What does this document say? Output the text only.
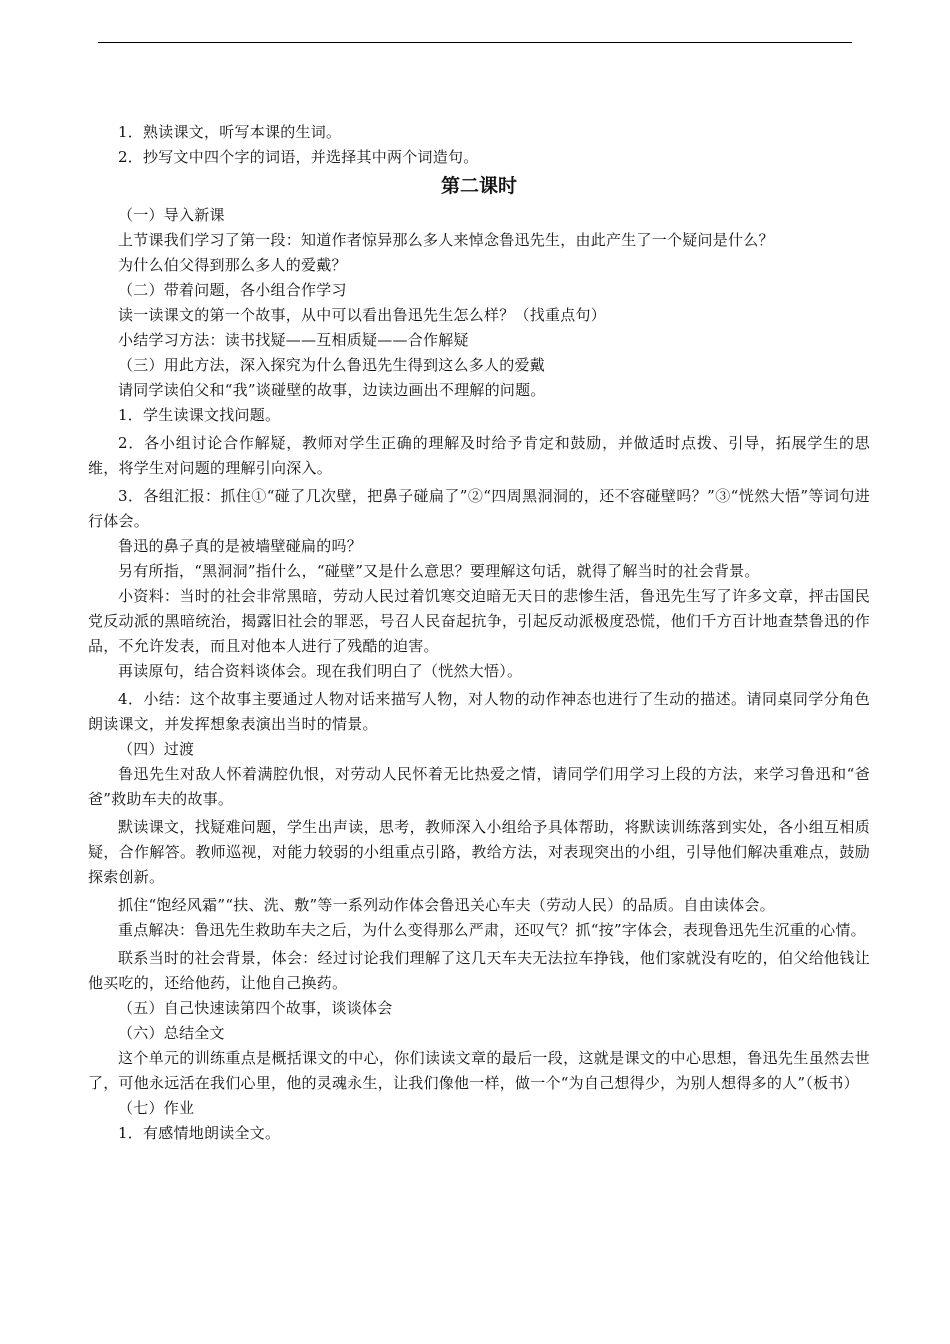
1．熟读课文，听写本课的生词。

2．抄写文中四个字的词语，并选择其中两个词造句。

第二课时

（一）导入新课

上节课我们学习了第一段：知道作者惊异那么多人来悼念鲁迅先生，由此产生了一个疑问是什么？

为什么伯父得到那么多人的爱戴？

（二）带着问题，各小组合作学习

读一读课文的第一个故事，从中可以看出鲁迅先生怎么样？（找重点句）

小结学习方法：读书找疑——互相质疑——合作解疑

（三）用此方法，深入探究为什么鲁迅先生得到这么多人的爱戴

请同学读伯父和“我”谈碰壁的故事，边读边画出不理解的问题。

1．学生读课文找问题。

2．各小组讨论合作解疑，教师对学生正确的理解及时给予肯定和鼓励，并做适时点拨、引导，拓展学生的思维，将学生对问题的理解引向深入。

3．各组汇报：抓住①“碰了几次壁，把鼻子碰扁了”②“四周黑洞洞的，还不容碰壁吗？”③“恍然大悟”等词句进行体会。

鲁迅的鼻子真的是被墙壁碰扁的吗？

另有所指，“黑洞洞”指什么，“碰壁”又是什么意思？要理解这句话，就得了解当时的社会背景。

小资料：当时的社会非常黑暗，劳动人民过着饥寒交迫暗无天日的悲惨生活，鲁迅先生写了许多文章，抨击国民党反动派的黑暗统治，揭露旧社会的罪恶，号召人民奋起抗争，引起反动派极度恐慌，他们千方百计地查禁鲁迅的作品，不允许发表，而且对他本人进行了残酷的迫害。

再读原句，结合资料谈体会。现在我们明白了（恍然大悟）。

4．小结：这个故事主要通过人物对话来描写人物，对人物的动作神态也进行了生动的描述。请同桌同学分角色朗读课文，并发挥想象表演出当时的情景。

（四）过渡

鲁迅先生对敌人怀着满腔仇恨，对劳动人民怀着无比热爱之情，请同学们用学习上段的方法，来学习鲁迅和“爸爸”救助车夫的故事。

默读课文，找疑难问题，学生出声读，思考，教师深入小组给予具体帮助，将默读训练落到实处，各小组互相质疑，合作解答。教师巡视，对能力较弱的小组重点引路，教给方法，对表现突出的小组，引导他们解决重难点，鼓励探索创新。

抓住“饱经风霜”“扶、洗、敷”等一系列动作体会鲁迅关心车夫（劳动人民）的品质。自由读体会。

重点解决：鲁迅先生救助车夫之后，为什么变得那么严肃，还叹气？抓“按”字体会，表现鲁迅先生沉重的心情。

联系当时的社会背景，体会：经过讨论我们理解了这几天车夫无法拉车挣钱，他们家就没有吃的，伯父给他钱让他买吃的，还给他药，让他自己换药。

（五）自己快速读第四个故事，谈谈体会

（六）总结全文

这个单元的训练重点是概括课文的中心，你们读读文章的最后一段，这就是课文的中心思想，鲁迅先生虽然去世了，可他永远活在我们心里，他的灵魂永生，让我们像他一样，做一个“为自己想得少，为别人想得多的人”（板书）

（七）作业

1．有感情地朗读全文。
